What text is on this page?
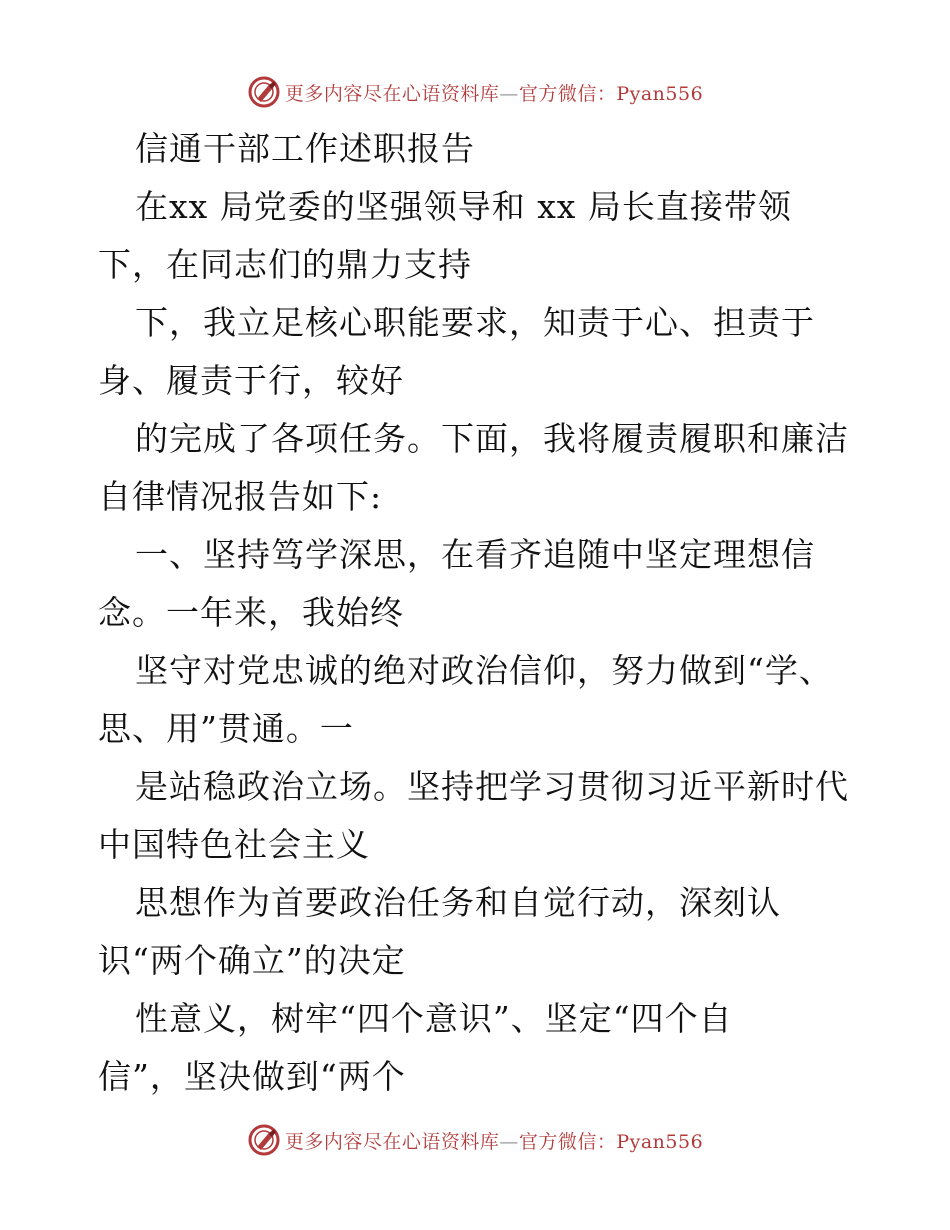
更多内容尽在心语资料库—官方微信：Pyan556
信通干部工作述职报告
在xx 局党委的坚强领导和 xx 局长直接带领
下，在同志们的鼎力支持
下，我立足核心职能要求，知责于心、担责于
身、履责于行，较好
的完成了各项任务。下面，我将履责履职和廉洁
自律情况报告如下:
一、坚持笃学深思，在看齐追随中坚定理想信
念。一年来，我始终
坚守对党忠诚的绝对政治信仰，努力做到“学、
思、用”贯通。一
是站稳政治立场。坚持把学习贯彻习近平新时代
中国特色社会主义
思想作为首要政治任务和自觉行动，深刻认
识“两个确立”的决定
性意义，树牢“四个意识”、坚定“四个自
信”，坚决做到“两个
更多内容尽在心语资料库—官方微信：Pyan556
